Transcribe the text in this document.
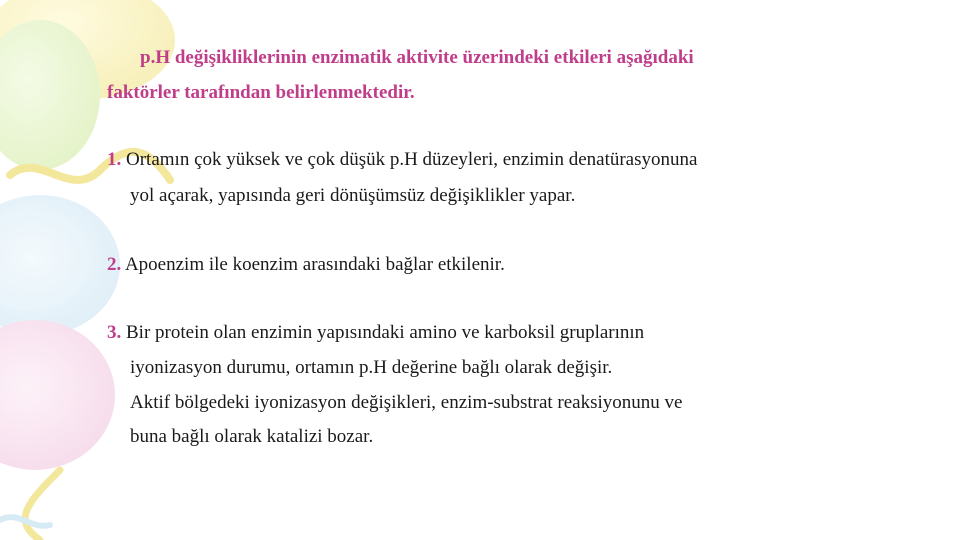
p.H değişikliklerinin enzimatik aktivite üzerindeki etkileri aşağıdaki
faktörler tarafından belirlenmektedir.
1. Ortamın çok yüksek ve çok düşük p.H düzeyleri, enzimin denatürasyonuna
yol açarak, yapısında geri dönüşümsüz değişiklikler yapar.
2. Apoenzim ile koenzim arasındaki bağlar etkilenir.
3. Bir protein olan enzimin yapısındaki amino ve karboksil gruplarının
iyonizasyon durumu, ortamın p.H değerine bağlı olarak değişir.
Aktif bölgedeki iyonizasyon değişikleri, enzim-substrat reaksiyonunu ve
buna bağlı olarak katalizi bozar.
